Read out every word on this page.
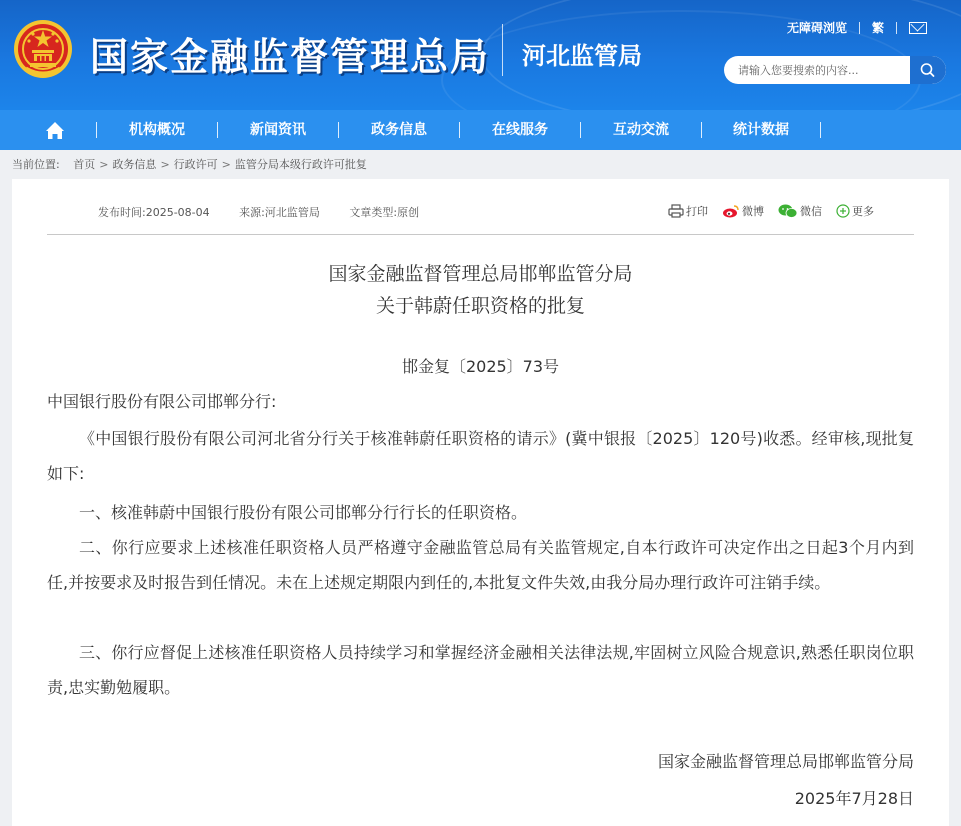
国家金融监督管理总局 河北监管局
无障碍浏览 繁
请输入您要搜索的内容...
机构概况	新闻资讯	政务信息	在线服务	互动交流	统计数据
当前位置: 首页 > 政务信息 > 行政许可 > 监管分局本级行政许可批复
发布时间:2025-08-04	来源:河北监管局	文章类型:原创	打印	微博	微信	更多
国家金融监督管理总局邯郸监管分局
关于韩蔚任职资格的批复
邯金复〔2025〕73号
中国银行股份有限公司邯郸分行:
《中国银行股份有限公司河北省分行关于核准韩蔚任职资格的请示》(冀中银报〔2025〕120号)收悉。经审核,现批复如下:
一、核准韩蔚中国银行股份有限公司邯郸分行行长的任职资格。
二、你行应要求上述核准任职资格人员严格遵守金融监管总局有关监管规定,自本行政许可决定作出之日起3个月内到任,并按要求及时报告到任情况。未在上述规定期限内到任的,本批复文件失效,由我分局办理行政许可注销手续。
三、你行应督促上述核准任职资格人员持续学习和掌握经济金融相关法律法规,牢固树立风险合规意识,熟悉任职岗位职责,忠实勤勉履职。
国家金融监督管理总局邯郸监管分局
2025年7月28日
